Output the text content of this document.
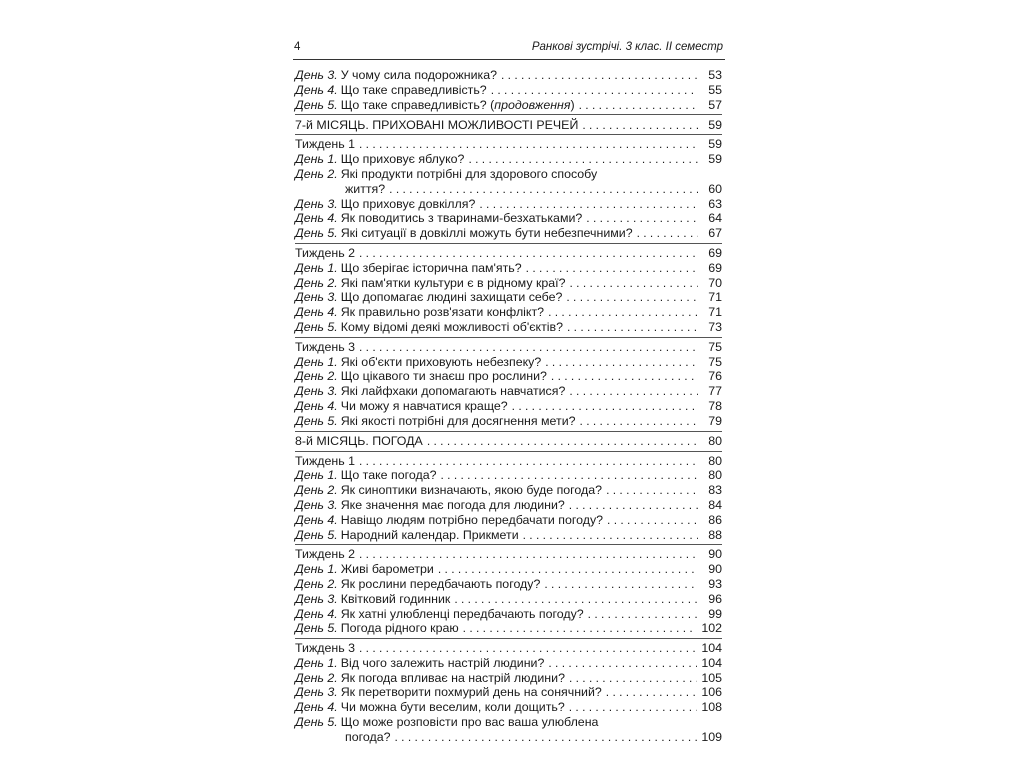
4	Ранкові зустрічі. 3 клас. ІІ семестр
День 3. У чому сила подорожника? . . .	53
День 4. Що таке справедливість? . . .	55
День 5. Що таке справедливість? ( продовження ) . . .	57
7-й МІСЯЦЬ. ПРИХОВАНІ МОЖЛИВОСТІ РЕЧЕЙ . . .	59
Тиждень 1 . . .	59
День 1. Що приховує яблуко? . . .	59
День 2. Які продукти потрібні для здорового способу
життя? . . .	60
День 3. Що приховує довкілля? . . .	63
День 4. Як поводитись з тваринами-безхатьками? . . .	64
День 5. Які ситуації в довкіллі можуть бути небезпечними? . . .	67
Тиждень 2 . . .	69
День 1. Що зберігає історична пам'ять? . . .	69
День 2. Які пам'ятки культури є в рідному краї? . . .	70
День 3. Що допомагає людині захищати себе? . . .	71
День 4. Як правильно розв'язати конфлікт? . . .	71
День 5. Кому відомі деякі можливості об'єктів? . . .	73
Тиждень 3 . . .	75
День 1. Які об'єкти приховують небезпеку? . . .	75
День 2. Що цікавого ти знаєш про рослини? . . .	76
День 3. Які лайфхаки допомагають навчатися? . . .	77
День 4. Чи можу я навчатися краще? . . .	78
День 5. Які якості потрібні для досягнення мети? . . .	79
8-й МІСЯЦЬ. ПОГОДА . . .	80
Тиждень 1 . . .	80
День 1. Що таке погода? . . .	80
День 2. Як синоптики визначають, якою буде погода? . . .	83
День 3. Яке значення має погода для людини? . . .	84
День 4. Навіщо людям потрібно передбачати погоду? . . .	86
День 5. Народний календар. Прикмети . . .	88
Тиждень 2 . . .	90
День 1. Живі барометри . . .	90
День 2. Як рослини передбачають погоду? . . .	93
День 3. Квітковий годинник . . .	96
День 4. Як хатні улюбленці передбачають погоду? . . .	99
День 5. Погода рідного краю . . .	102
Тиждень 3 . . .	104
День 1. Від чого залежить настрій людини? . . .	104
День 2. Як погода впливає на настрій людини? . . .	105
День 3. Як перетворити похмурий день на сонячний? . . .	106
День 4. Чи можна бути веселим, коли дощить? . . .	108
День 5. Що може розповісти про вас ваша улюблена
погода? . . .	109
